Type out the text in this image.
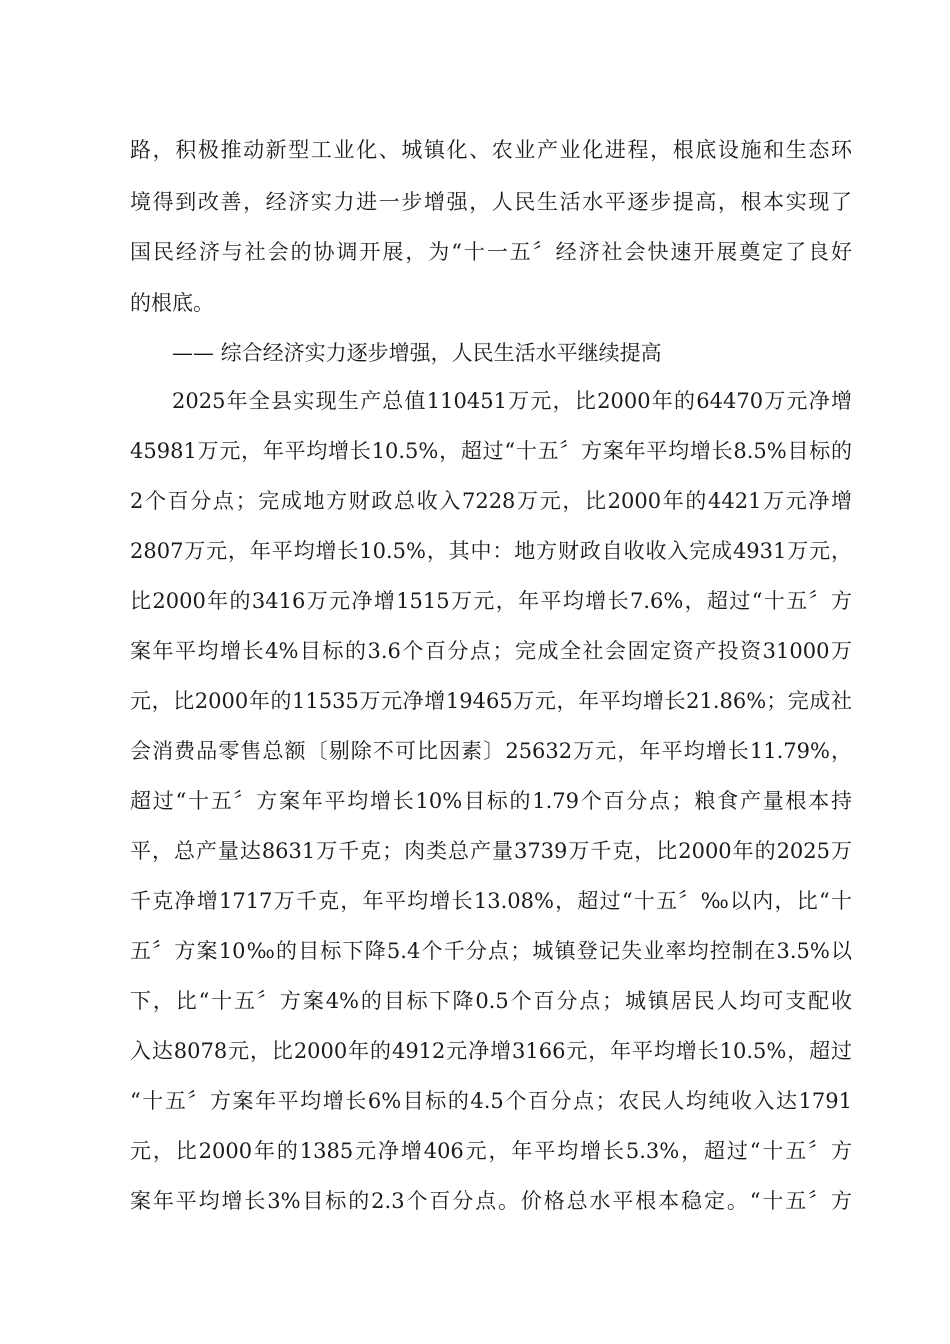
路，积极推动新型工业化、城镇化、农业产业化进程，根底设施和生态环
境得到改善，经济实力进一步增强，人民生活水平逐步提高，根本实现了
国民经济与社会的协调开展，为“十一五〞经济社会快速开展奠定了良好
的根底。
—— 综合经济实力逐步增强，人民生活水平继续提高
2025年全县实现生产总值110451万元，比2000年的64470万元净增
45981万元，年平均增长10.5%，超过“十五〞方案年平均增长8.5%目标的
2个百分点；完成地方财政总收入7228万元，比2000年的4421万元净增
2807万元，年平均增长10.5%，其中：地方财政自收收入完成4931万元，
比2000年的3416万元净增1515万元，年平均增长7.6%，超过“十五〞方
案年平均增长4%目标的3.6个百分点；完成全社会固定资产投资31000万
元，比2000年的11535万元净增19465万元，年平均增长21.86%；完成社
会消费品零售总额〔剔除不可比因素〕25632万元，年平均增长11.79%，
超过“十五〞方案年平均增长10%目标的1.79个百分点；粮食产量根本持
平，总产量达8631万千克；肉类总产量3739万千克，比2000年的2025万
千克净增1717万千克，年平均增长13.08%，超过“十五〞‰以内，比“十
五〞方案10‰的目标下降5.4个千分点；城镇登记失业率均控制在3.5%以
下，比“十五〞方案4%的目标下降0.5个百分点；城镇居民人均可支配收
入达8078元，比2000年的4912元净增3166元，年平均增长10.5%，超过
“十五〞方案年平均增长6%目标的4.5个百分点；农民人均纯收入达1791
元，比2000年的1385元净增406元，年平均增长5.3%，超过“十五〞方
案年平均增长3%目标的2.3个百分点。价格总水平根本稳定。“十五〞方
